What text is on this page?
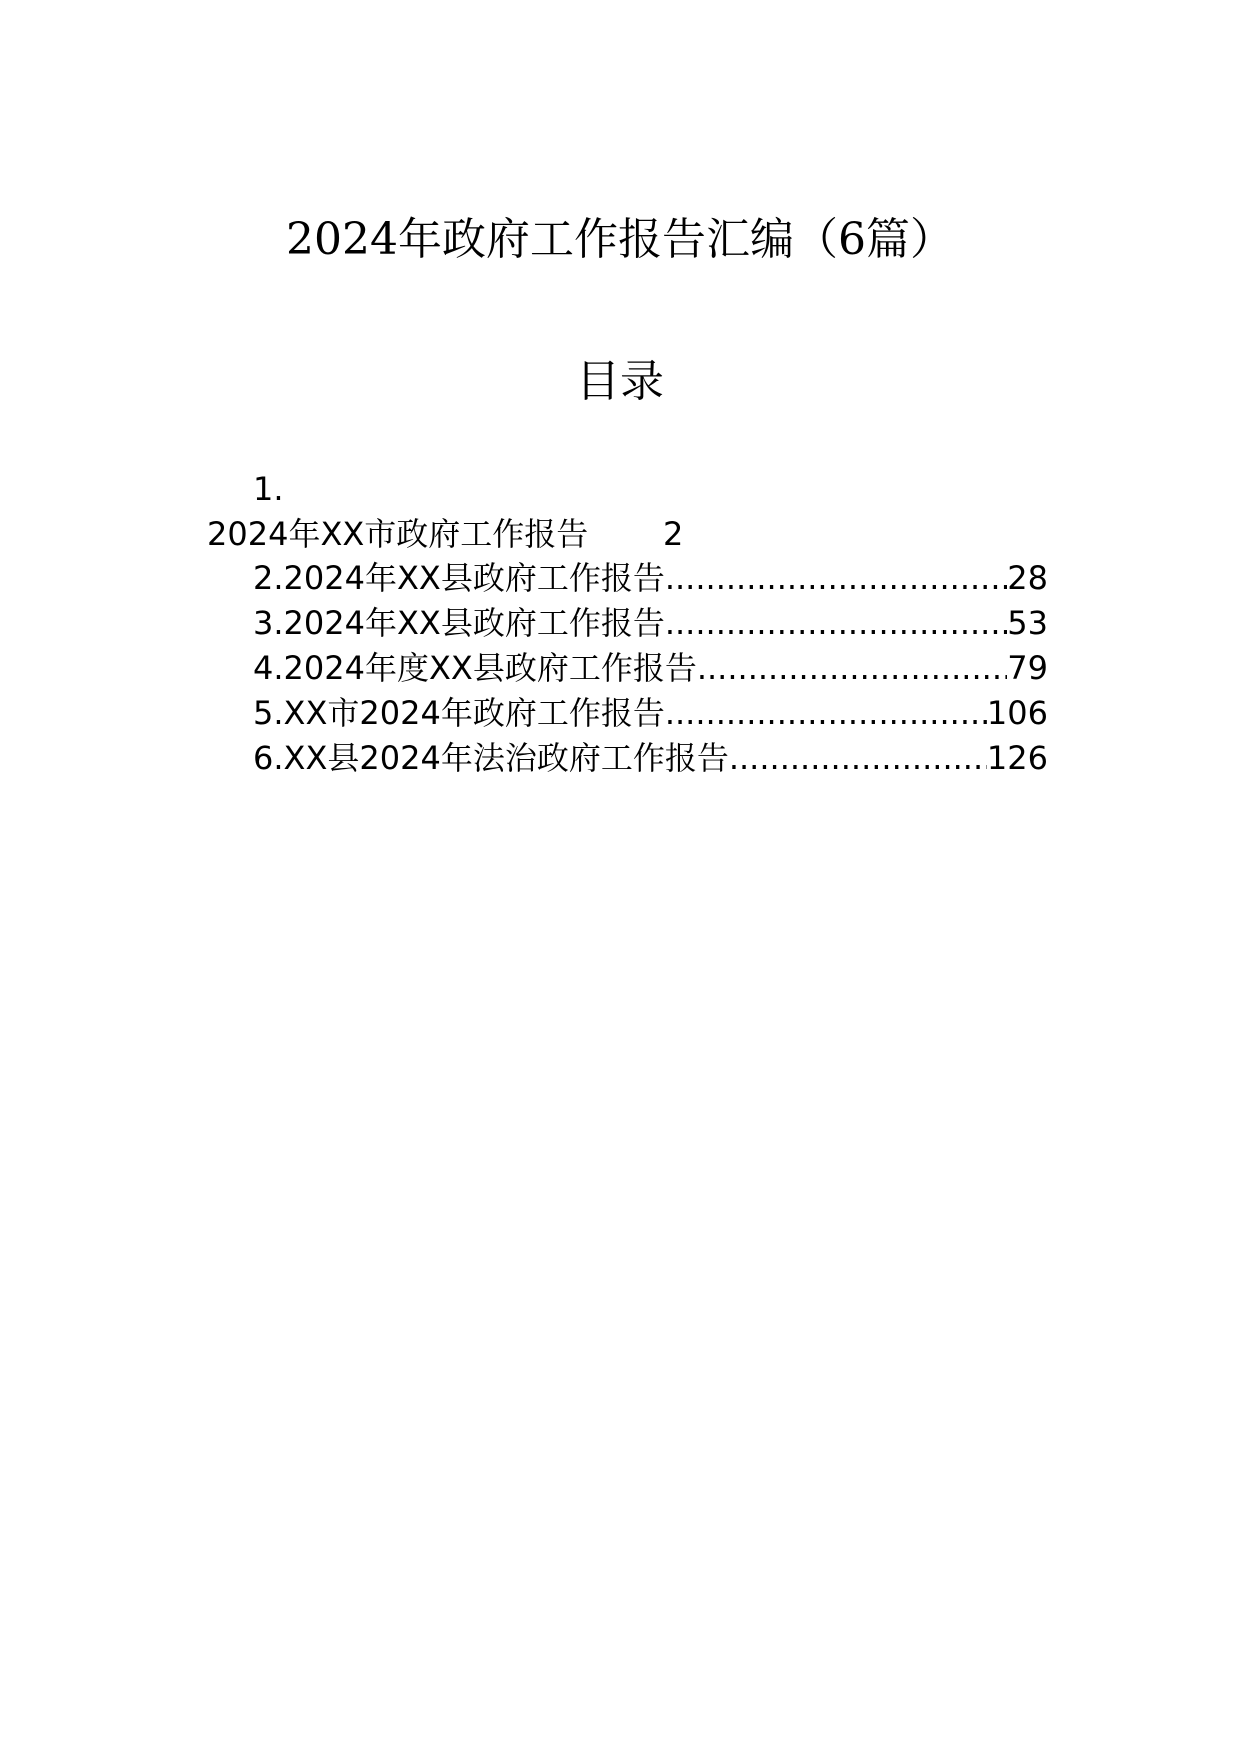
2024年政府工作报告汇编（6篇）
目录
1.
2024年XX市政府工作报告 2
2.2024年XX县政府工作报告 .....	28
3.2024年XX县政府工作报告 .....	53
4.2024年度XX县政府工作报告 .....	79
5.XX市2024年政府工作报告 .....	106
6.XX县2024年法治政府工作报告 .....	126
